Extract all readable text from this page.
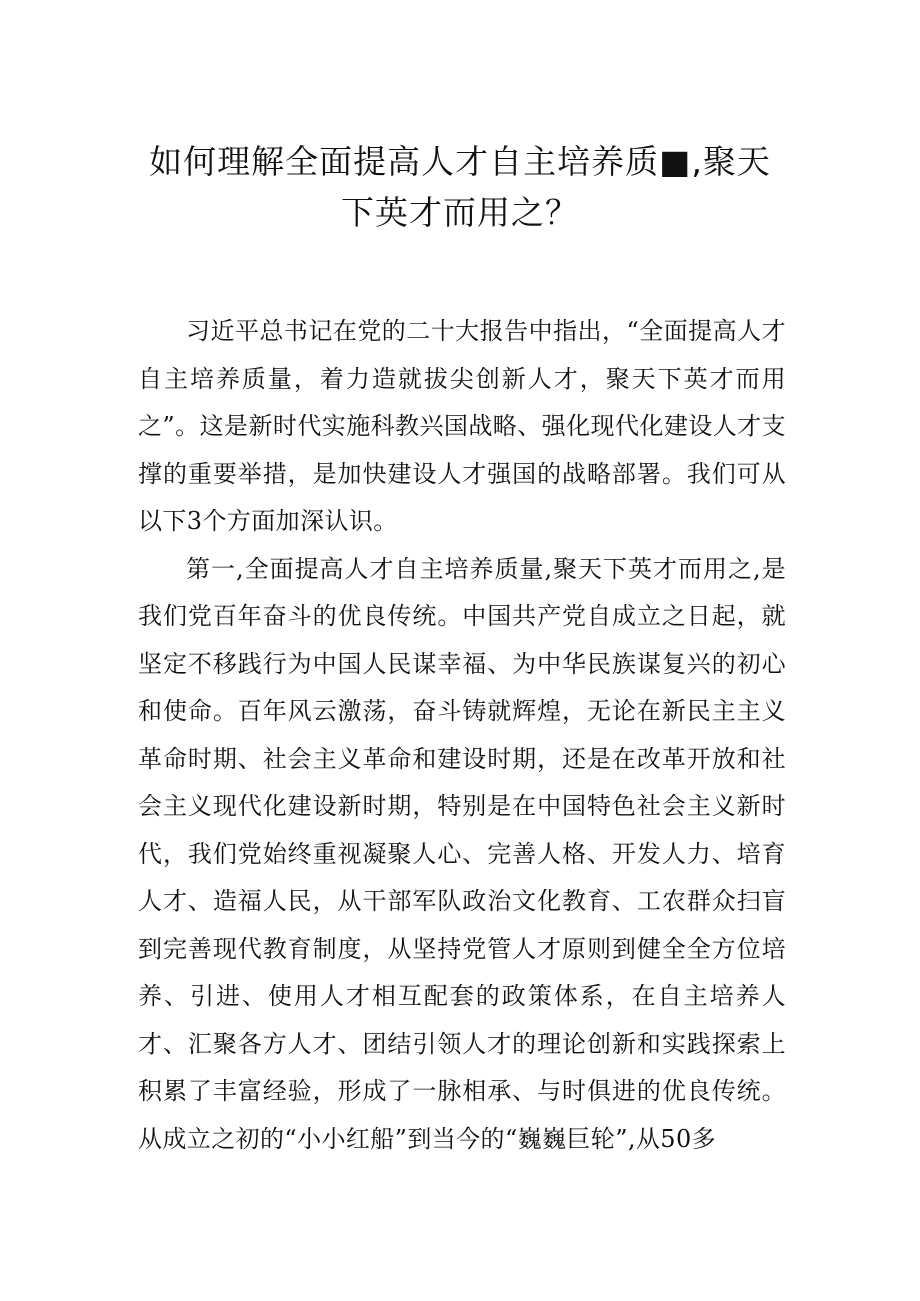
如何理解全面提高人才自主培养质■,聚天
下英才而用之？

习近平总书记在党的二十大报告中指出，“全面提高人才自主培养质量，着力造就拔尖创新人才，聚天下英才而用之”。这是新时代实施科教兴国战略、强化现代化建设人才支撑的重要举措，是加快建设人才强国的战略部署。我们可从以下3个方面加深认识。

第一,全面提高人才自主培养质量,聚天下英才而用之,是我们党百年奋斗的优良传统。中国共产党自成立之日起，就坚定不移践行为中国人民谋幸福、为中华民族谋复兴的初心和使命。百年风云激荡，奋斗铸就辉煌，无论在新民主主义革命时期、社会主义革命和建设时期，还是在改革开放和社会主义现代化建设新时期，特别是在中国特色社会主义新时代，我们党始终重视凝聚人心、完善人格、开发人力、培育人才、造福人民，从干部军队政治文化教育、工农群众扫盲到完善现代教育制度，从坚持党管人才原则到健全全方位培养、引进、使用人才相互配套的政策体系，在自主培养人才、汇聚各方人才、团结引领人才的理论创新和实践探索上积累了丰富经验，形成了一脉相承、与时俱进的优良传统。从成立之初的“小小红船”到当今的“巍巍巨轮”,从50多
